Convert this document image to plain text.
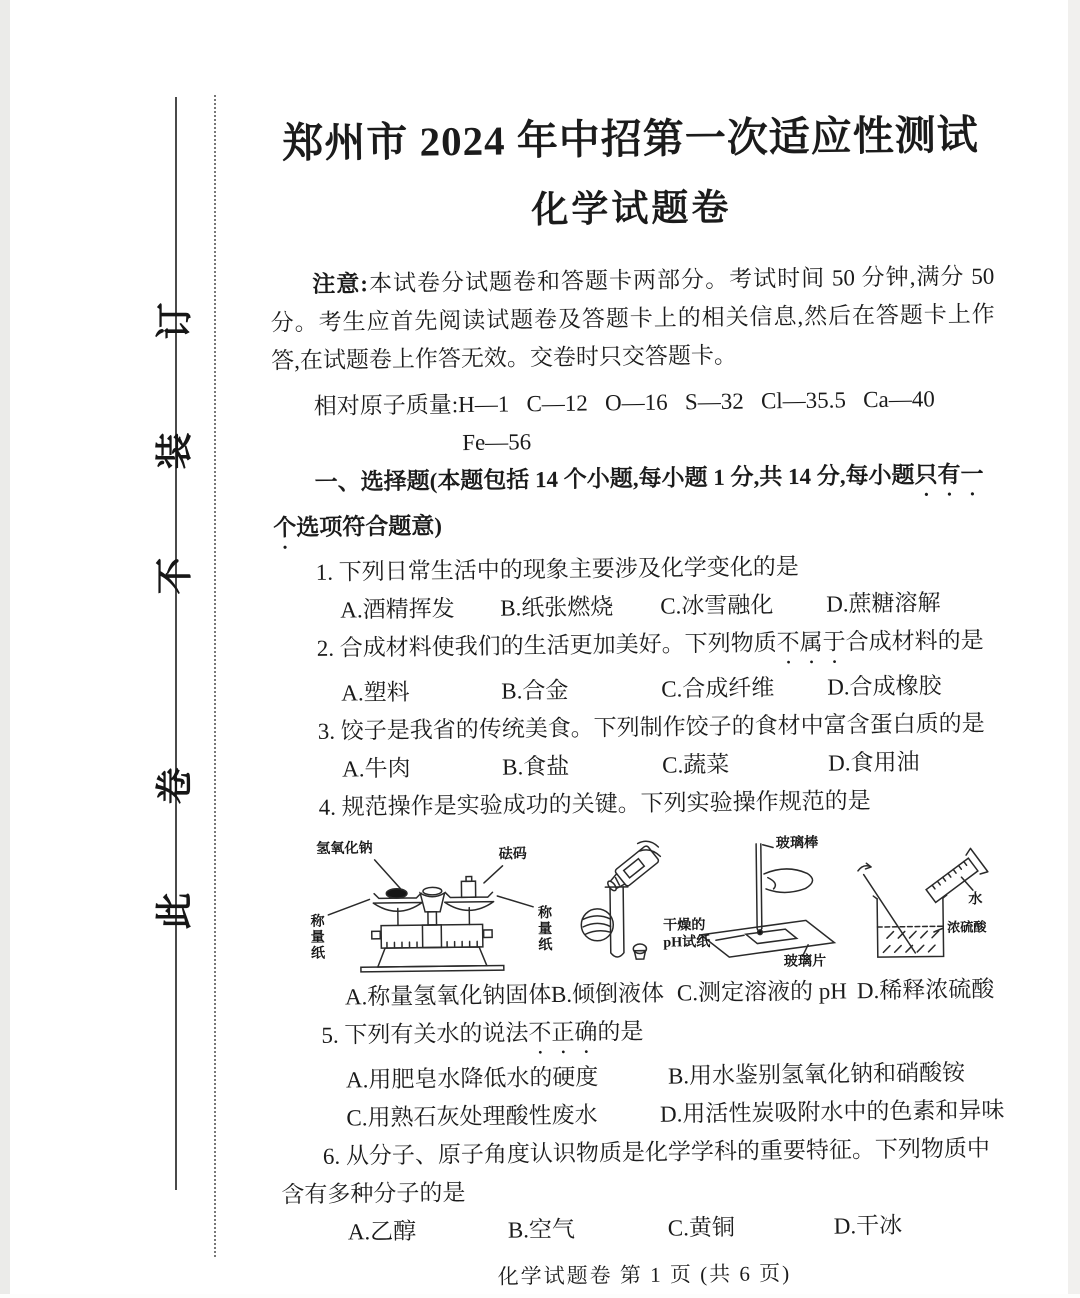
订
装
不
卷
此
郑州市 2024 年中招第一次适应性测试
化学试题卷

注意:本试卷分试题卷和答题卡两部分。考试时间 50 分钟,满分 50 分。考生应首先阅读试题卷及答题卡上的相关信息,然后在答题卡上作答,在试题卷上作答无效。交卷时只交答题卡。

相对原子质量:H—1   C—12   O—16   S—32   Cl—35.5   Ca—40

Fe—56

一、选择题(本题包括 14 个小题,每小题 1 分,共 14 分,每小题只有一个选项符合题意)

1. 下列日常生活中的现象主要涉及化学变化的是

A.酒精挥发	B.纸张燃烧	C.冰雪融化	D.蔗糖溶解

2. 合成材料使我们的生活更加美好。下列物质不属于合成材料的是

A.塑料	B.合金	C.合成纤维	D.合成橡胶

3. 饺子是我省的传统美食。下列制作饺子的食材中富含蛋白质的是

A.牛肉	B.食盐	C.蔬菜	D.食用油

4. 规范操作是实验成功的关键。下列实验操作规范的是

氢氧化钠	砝码
称量纸	称量纸
玻璃棒
干燥的
pH试纸
玻璃片
水
浓硫酸
A.称量氢氧化钠固体 B.倾倒液体 C.测定溶液的 pH D.稀释浓硫酸

5. 下列有关水的说法不正确的是

A.用肥皂水降低水的硬度	B.用水鉴别氢氧化钠和硝酸铵
C.用熟石灰处理酸性废水	D.用活性炭吸附水中的色素和异味

6. 从分子、原子角度认识物质是化学学科的重要特征。下列物质中含有多种分子的是

A.乙醇	B.空气	C.黄铜	D.干冰

化学试题卷 第 1 页 (共 6 页)
